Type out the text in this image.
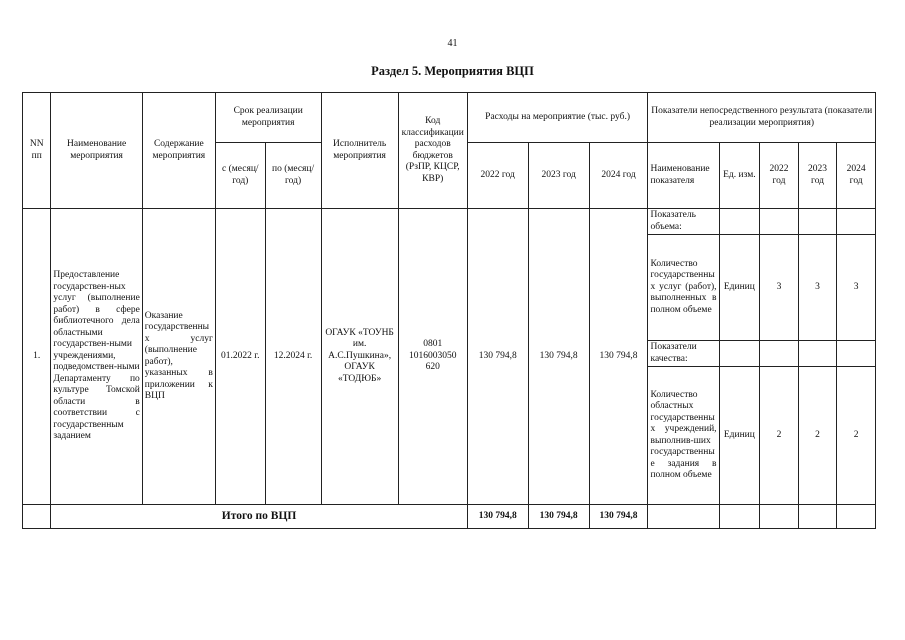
41
Раздел 5. Мероприятия ВЦП
NN пп	Наименование мероприятия	Содержание мероприятия	Срок реализации мероприятия		Исполнитель мероприятия	Код классификации расходов бюджетов (РзПР, КЦСР, КВР)	Расходы на мероприятие (тыс. руб.)			Показатели непосредственного результата (показатели реализации мероприятия)				
			с (месяц/год)	по (месяц/год)			2022 год	2023 год	2024 год	Наименование показателя	Ед. изм.	2022 год	2023 год	2024 год
1.	Предоставление государствен-ных услуг (выполнение работ) в сфере библиотечного дела областными государствен-ными учреждениями, подведомствен-ными Департаменту по культуре Томской области в соответствии с государственным заданием	Оказание государственных услуг (выполнение работ), указанных в приложении к ВЦП	01.2022 г.	12.2024 г.	ОГАУК «ТОУНБ им. А.С.Пушкина», ОГАУК «ТОДЮБ»	0801 1016003050 620	130 794,8	130 794,8	130 794,8	Показатель объема:				
										Количество государственных услуг (работ), выполненных в полном объеме	Единиц	3	3	3
										Показатели качества:				
										Количество областных государственных учреждений, выполнив-ших государственные задания в полном объеме	Единиц	2	2	2
	Итого по ВЦП						130 794,8	130 794,8	130 794,8					
